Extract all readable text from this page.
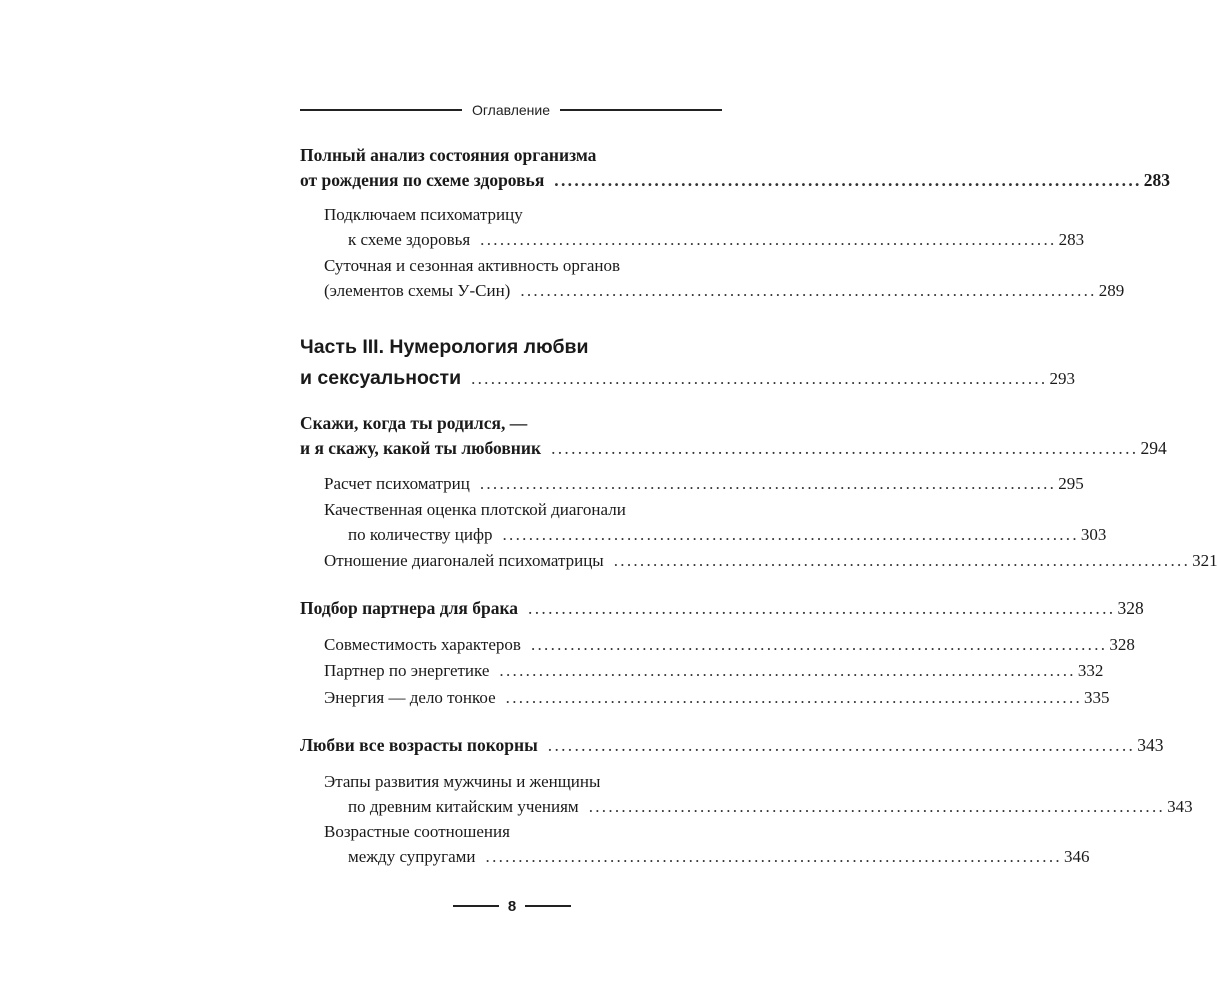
Оглавление
Полный анализ состояния организма
от рождения по схеме здоровья ........................................................................................ 283
Подключаем психоматрицу
к схеме здоровья ........................................................................................ 283
Суточная и сезонная активность органов
(элементов схемы У-Син) ........................................................................................ 289
Часть III. Нумерология любви
и сексуальности ........................................................................................ 293
Скажи, когда ты родился, —
и я скажу, какой ты любовник ........................................................................................ 294
Расчет психоматриц ........................................................................................ 295
Качественная оценка плотской диагонали
по количеству цифр ........................................................................................ 303
Отношение диагоналей психоматрицы ........................................................................................ 321
Подбор партнера для брака ........................................................................................ 328
Совместимость характеров ........................................................................................ 328
Партнер по энергетике ........................................................................................ 332
Энергия — дело тонкое ........................................................................................ 335
Любви все возрасты покорны ........................................................................................ 343
Этапы развития мужчины и женщины
по древним китайским учениям ........................................................................................ 343
Возрастные соотношения
между супругами ........................................................................................ 346
8
